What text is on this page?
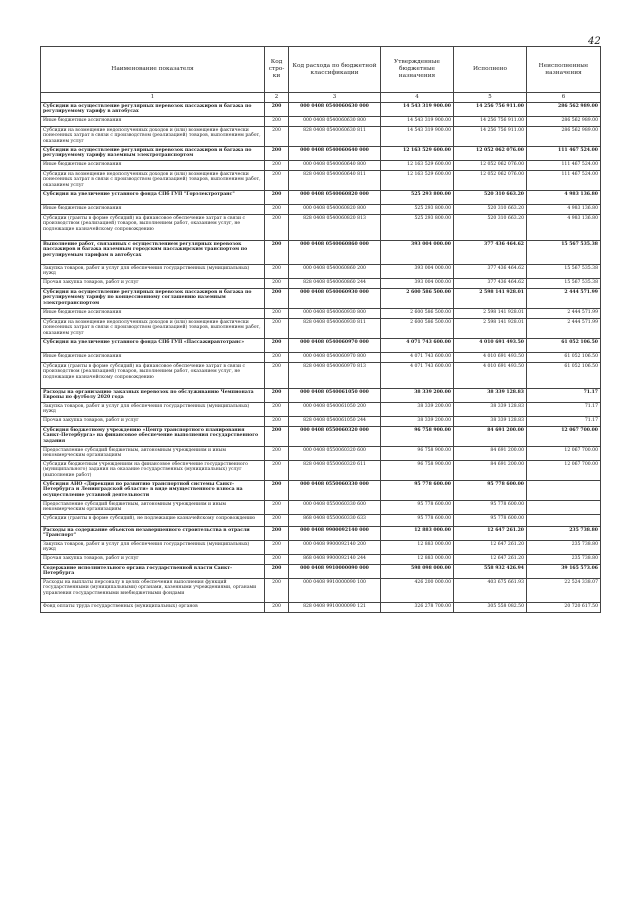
42
Наименование показателя	Код стро-ки	Код расхода по бюджетной классификации	Утвержденные бюджетные назначения	Исполнено	Неисполненные назначения
1	2	3	4	5	6
Субсидии на осуществление регулярных перевозок пассажиров и багажа по регулируемому тарифу в автобусах	200	000 0408 0540060630 000	14 543 319 900.00	14 256 756 911.00	286 562 989.00
Иные бюджетные ассигнования	200	000 0408 0540060630 800	14 543 319 900.00	14 256 756 911.00	286 562 989.00
Субсидии на возмещение недополученных доходов и (или) возмещение фактически понесенных затрат в связи с производством (реализацией) товаров, выполнением работ, оказанием услуг	200	828 0408 0540060630 811	14 543 319 900.00	14 256 756 911.00	286 562 989.00
Субсидии на осуществление регулярных перевозок пассажиров и багажа по регулируемому тарифу наземным электротранспортом	200	000 0408 0540060640 000	12 163 529 600.00	12 052 062 076.00	111 467 524.00
Иные бюджетные ассигнования	200	000 0408 0540060640 800	12 163 529 600.00	12 052 062 076.00	111 467 524.00
Субсидии на возмещение недополученных доходов и (или) возмещение фактически понесенных затрат в связи с производством (реализацией) товаров, выполнением работ, оказанием услуг	200	828 0408 0540060640 811	12 163 529 600.00	12 052 062 076.00	111 467 524.00
Субсидия на увеличение уставного фонда СПб ГУП "Горэлектротранс"	200	000 0408 0540060820 000	525 293 800.00	520 310 663.20	4 983 136.80
Иные бюджетные ассигнования	200	000 0408 0540060820 800	525 293 800.00	520 310 663.20	4 983 136.80
Субсидии (гранты в форме субсидий) на финансовое обеспечение затрат в связи с производством (реализацией) товаров, выполнением работ, оказанием услуг, не подлежащие казначейскому сопровождению	200	828 0408 0540060820 813	525 293 800.00	520 310 663.20	4 983 136.80
Выполнение работ, связанных с осуществлением регулярных перевозок пассажиров и багажа наземным городским пассажирским транспортом по регулируемым тарифам в автобусах	200	000 0408 0540060860 000	393 004 000.00	377 436 464.62	15 567 535.38
Закупка товаров, работ и услуг для обеспечения государственных (муниципальных) нужд	200	000 0408 0540060860 200	393 004 000.00	377 436 464.62	15 567 535.38
Прочая закупка товаров, работ и услуг	200	828 0408 0540060860 244	393 004 000.00	377 436 464.62	15 567 535.38
Субсидия на осуществление регулярных перевозок пассажиров и багажа по регулируемому тарифу по концессионному соглашению наземным электротранспортом	200	000 0408 0540060930 000	2 600 586 500.00	2 598 141 928.01	2 444 571.99
Иные бюджетные ассигнования	200	000 0408 0540060930 800	2 600 586 500.00	2 598 141 928.01	2 444 571.99
Субсидии на возмещение недополученных доходов и (или) возмещение фактически понесенных затрат в связи с производством (реализацией) товаров, выполнением работ, оказанием услуг	200	828 0408 0540060930 811	2 600 586 500.00	2 598 141 928.01	2 444 571.99
Субсидия на увеличение уставного фонда СПб ГУП «Пассажиравтотранс»	200	000 0408 0540060970 000	4 071 743 600.00	4 010 691 493.50	61 052 106.50
Иные бюджетные ассигнования	200	000 0408 0540060970 800	4 071 743 600.00	4 010 691 493.50	61 052 106.50
Субсидии (гранты в форме субсидий) на финансовое обеспечение затрат в связи с производством (реализацией) товаров, выполнением работ, оказанием услуг, не подлежащие казначейскому сопровождению	200	828 0408 0540060970 813	4 071 743 600.00	4 010 691 493.50	61 052 106.50
Расходы на организацию заказных перевозок по обслуживанию Чемпионата Европы по футболу 2020 года	200	000 0408 0540061050 000	38 339 200.00	38 339 128.83	71.17
Закупка товаров, работ и услуг для обеспечения государственных (муниципальных) нужд	200	000 0408 0540061050 200	38 339 200.00	38 339 128.83	71.17
Прочая закупка товаров, работ и услуг	200	828 0408 0540061050 244	38 339 200.00	38 339 128.83	71.17
Субсидия бюджетному учреждению «Центр транспортного планирования Санкт-Петербурга» на финансовое обеспечение выполнения государственного задания	200	000 0408 0550060320 000	96 758 900.00	84 691 200.00	12 067 700.00
Предоставление субсидий бюджетным, автономным учреждениям и иным некоммерческим организациям	200	000 0408 0550060320 600	96 758 900.00	84 691 200.00	12 067 700.00
Субсидии бюджетным учреждениям на финансовое обеспечение государственного (муниципального) задания на оказание государственных (муниципальных) услуг (выполнение работ)	200	828 0408 0550060320 611	96 758 900.00	84 691 200.00	12 067 700.00
Субсидия АНО «Дирекция по развитию транспортной системы Санкт-Петербурга и Ленинградской области» в виде имущественного взноса на осуществление уставной деятельности	200	000 0408 0550060330 000	95 778 600.00	95 778 600.00	
Предоставление субсидий бюджетным, автономным учреждениям и иным некоммерческим организациям	200	000 0408 0550060330 600	95 778 600.00	95 778 600.00	
Субсидии (гранты в форме субсидий), не подлежащие казначейскому сопровождению	200	868 0408 0550060330 633	95 778 600.00	95 778 600.00	
Расходы на содержание объектов незавершенного строительства в отрасли "Транспорт"	200	000 0408 9900092140 000	12 883 000.00	12 647 261.20	235 738.80
Закупка товаров, работ и услуг для обеспечения государственных (муниципальных) нужд	200	000 0408 9900092140 200	12 883 000.00	12 647 261.20	235 738.80
Прочая закупка товаров, работ и услуг	200	868 0408 9900092140 244	12 883 000.00	12 647 261.20	235 738.80
Содержание исполнительного органа государственной власти Санкт-Петербурга	200	000 0408 9910000090 000	598 098 000.00	558 932 426.94	39 165 573.06
Расходы на выплаты персоналу в целях обеспечения выполнения функций государственными (муниципальными) органами, казенными учреждениями, органами управления государственными внебюджетными фондами	200	000 0408 9910000090 100	426 200 000.00	403 675 661.93	22 524 338.07
Фонд оплаты труда государственных (муниципальных) органов	200	828 0408 9910000090 121	326 278 700.00	305 558 082.50	20 720 617.50
